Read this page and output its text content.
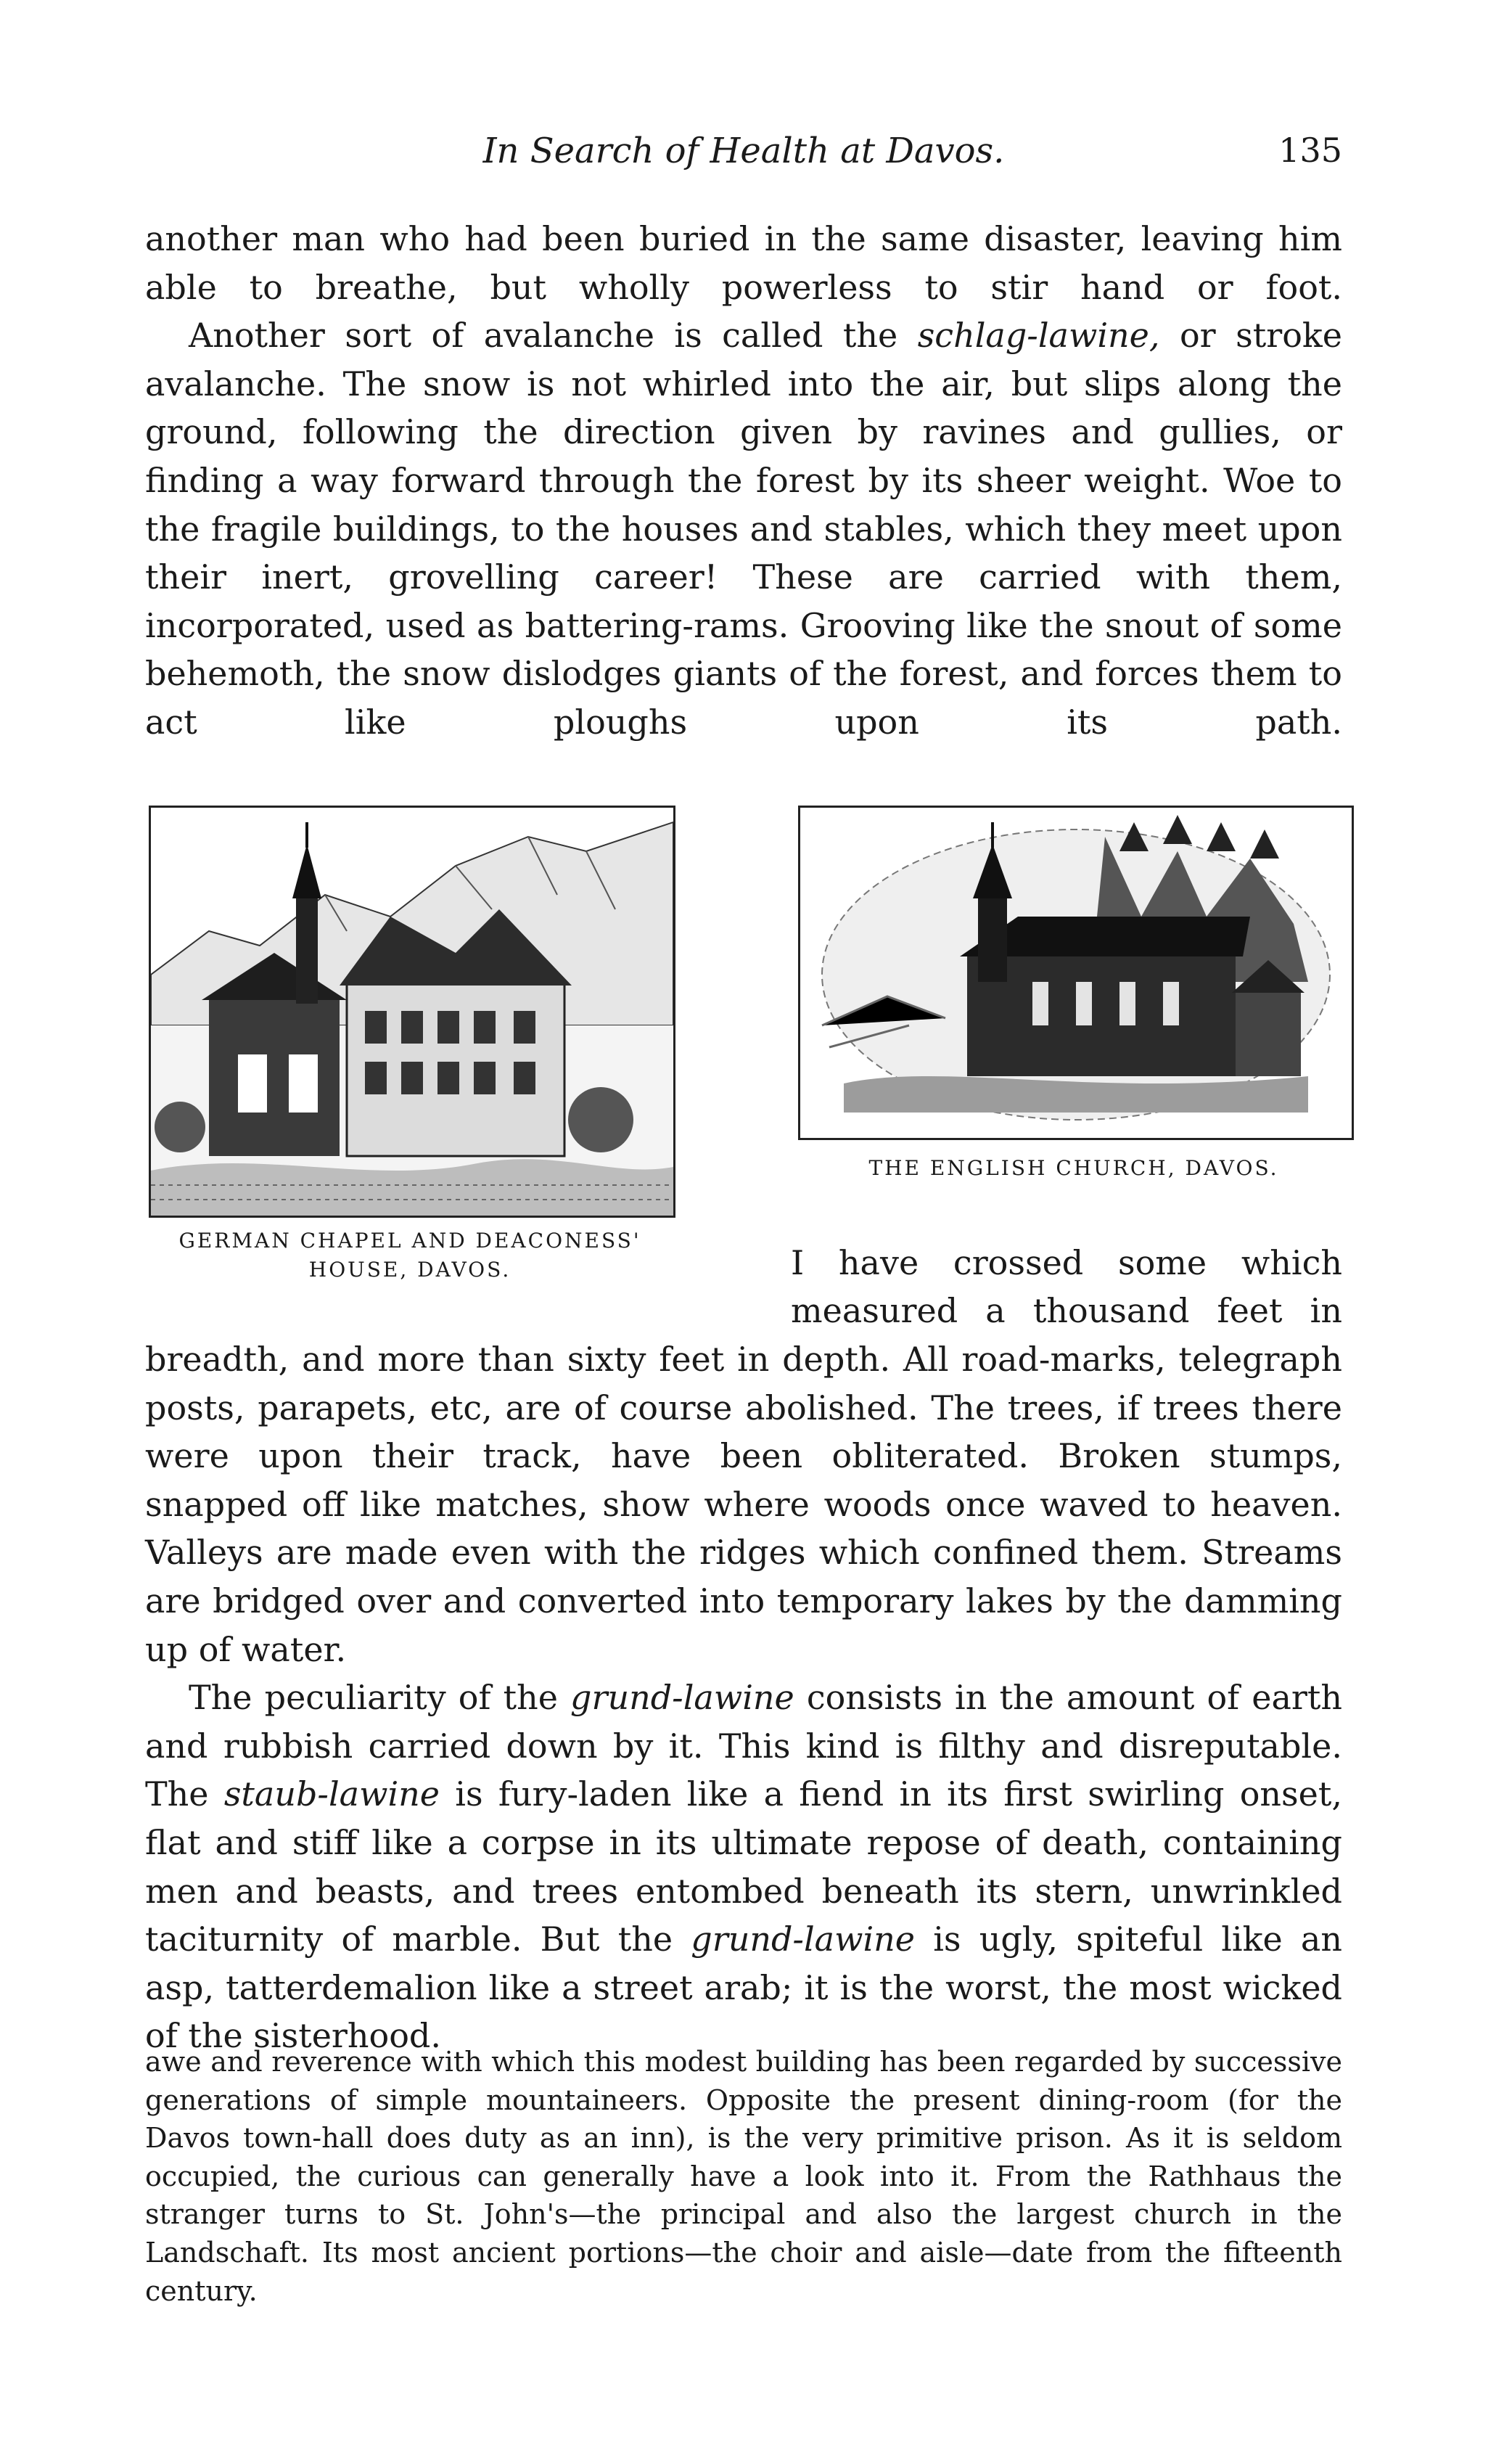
In Search of Health at Davos.	135

another man who had been buried in the same disaster, leaving him able to breathe, but wholly powerless to stir hand or foot.

Another sort of avalanche is called the schlag-lawine, or stroke avalanche. The snow is not whirled into the air, but slips along the ground, following the direction given by ravines and gullies, or finding a way forward through the forest by its sheer weight. Woe to the fragile buildings, to the houses and stables, which they meet upon their inert, grovelling career! These are carried with them, incorporated, used as battering-rams. Grooving like the snout of some behemoth, the snow dislodges giants of the forest, and forces them to act like ploughs upon its path.

GERMAN CHAPEL AND DEACONESS'
HOUSE, DAVOS.
THE ENGLISH CHURCH, DAVOS.
I have crossed some which measured a thousand feet in

breadth, and more than sixty feet in depth. All road-marks, telegraph posts, parapets, etc, are of course abolished. The trees, if trees there were upon their track, have been obliterated. Broken stumps, snapped off like matches, show where woods once waved to heaven. Valleys are made even with the ridges which confined them. Streams are bridged over and converted into temporary lakes by the damming up of water.

The peculiarity of the grund-lawine consists in the amount of earth and rubbish carried down by it. This kind is filthy and disreputable. The staub-lawine is fury-laden like a fiend in its first swirling onset, flat and stiff like a corpse in its ultimate repose of death, containing men and beasts, and trees entombed beneath its stern, unwrinkled taciturnity of marble. But the grund-lawine is ugly, spiteful like an asp, tatterdemalion like a street arab; it is the worst, the most wicked of the sisterhood.

awe and reverence with which this modest building has been regarded by successive generations of simple mountaineers. Opposite the present dining-room (for the Davos town-hall does duty as an inn), is the very primitive prison. As it is seldom occupied, the curious can generally have a look into it. From the Rathhaus the stranger turns to St. John's—the principal and also the largest church in the Landschaft. Its most ancient portions—the choir and aisle—date from the fifteenth century.
